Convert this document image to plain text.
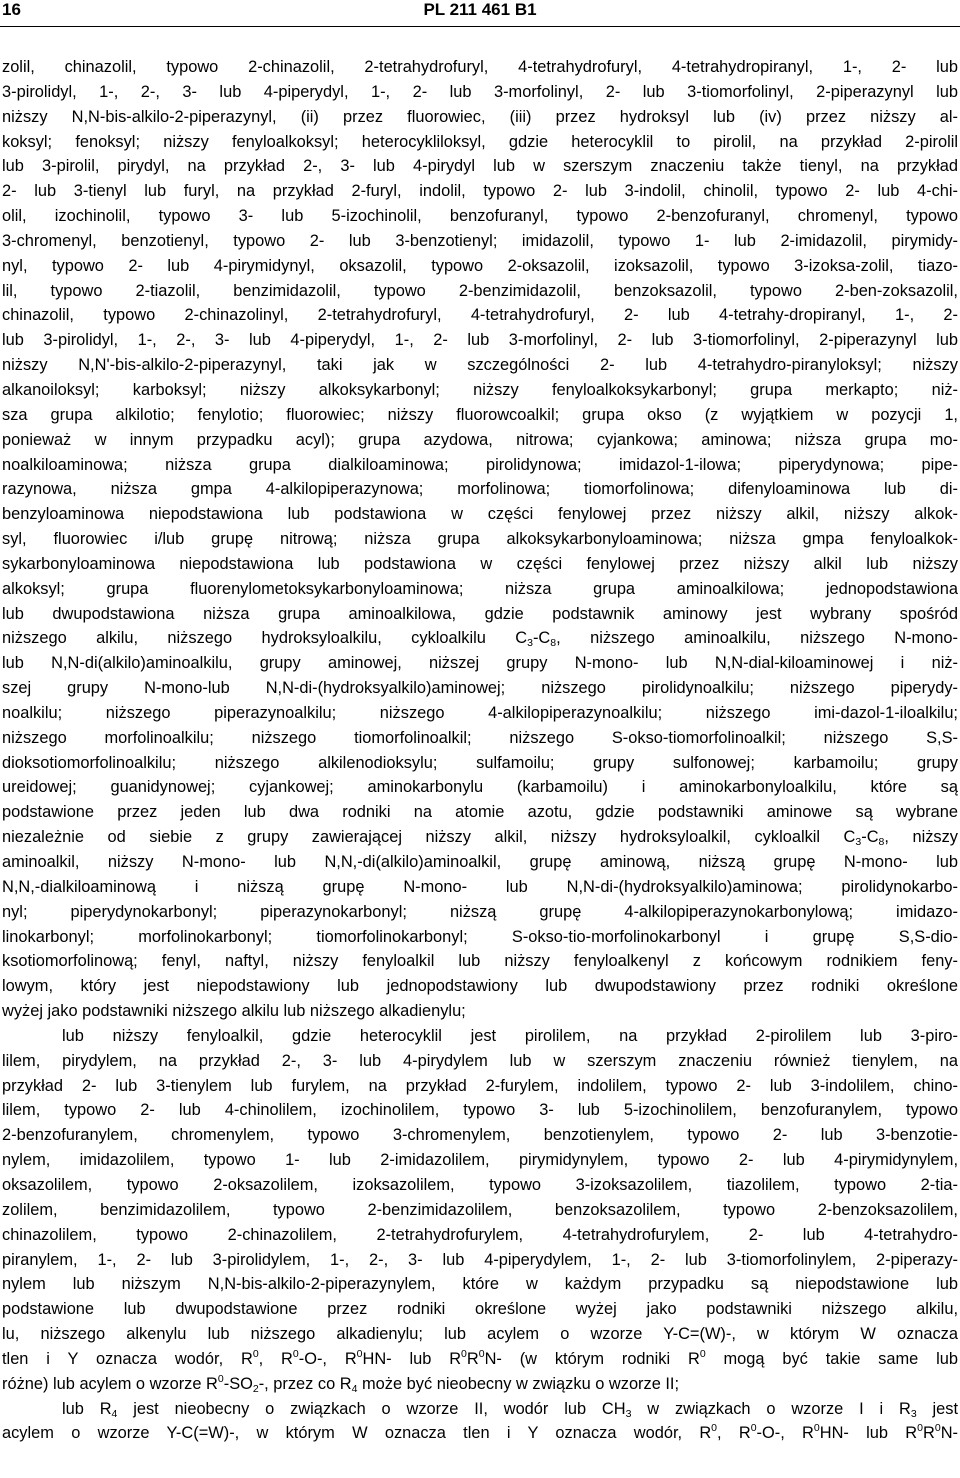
16	PL 211 461 B1
zolil, chinazolil, typowo 2-chinazolil, 2-tetrahydrofuryl, 4-tetrahydrofuryl, 4-tetrahydropiranyl, 1-, 2- lub
3-pirolidyl, 1-, 2-, 3- lub 4-piperydyl, 1-, 2- lub 3-morfolinyl, 2- lub 3-tiomorfolinyl, 2-piperazynyl lub
niższy N,N-bis-alkilo-2-piperazynyl, (ii) przez fluorowiec, (iii) przez hydroksyl lub (iv) przez niższy al-
koksyl; fenoksyl; niższy fenyloalkoksyl; heterocykliloksyl, gdzie heterocyklil to pirolil, na przykład 2-pirolil
lub 3-pirolil, pirydyl, na przykład 2-, 3- lub 4-pirydyl lub w szerszym znaczeniu także tienyl, na przykład
2- lub 3-tienyl lub furyl, na przykład 2-furyl, indolil, typowo 2- lub 3-indolil, chinolil, typowo 2- lub 4-chi-
olil, izochinolil, typowo 3- lub 5-izochinolil, benzofuranyl, typowo 2-benzofuranyl, chromenyl, typowo
3-chromenyl, benzotienyl, typowo 2- lub 3-benzotienyl; imidazolil, typowo 1- lub 2-imidazolil, pirymidy-
nyl, typowo 2- lub 4-pirymidynyl, oksazolil, typowo 2-oksazolil, izoksazolil, typowo 3-izoksa-zolil, tiazo-
lil, typowo 2-tiazolil, benzimidazolil, typowo 2-benzimidazolil, benzoksazolil, typowo 2-ben-zoksazolil,
chinazolil, typowo 2-chinazolinyl, 2-tetrahydrofuryl, 4-tetrahydrofuryl, 2- lub 4-tetrahy-dropiranyl, 1-, 2-
lub 3-pirolidyl, 1-, 2-, 3- lub 4-piperydyl, 1-, 2- lub 3-morfolinyl, 2- lub 3-tiomorfolinyl, 2-piperazynyl lub
niższy N,N'-bis-alkilo-2-piperazynyl, taki jak w szczególności 2- lub 4-tetrahydro-piranyloksyl; niższy
alkanoiloksyl; karboksyl; niższy alkoksykarbonyl; niższy fenyloalkoksykarbonyl; grupa merkapto; niż-
sza grupa alkilotio; fenylotio; fluorowiec; niższy fluorowcoalkil; grupa okso (z wyjątkiem w pozycji 1,
ponieważ w innym przypadku acyl); grupa azydowa, nitrowa; cyjankowa; aminowa; niższa grupa mo-
noalkiloaminowa; niższa grupa dialkiloaminowa; pirolidynowa; imidazol-1-ilowa; piperydynowa; pipe-
razynowa, niższa gmpa 4-alkilopiperazynowa; morfolinowa; tiomorfolinowa; difenyloaminowa lub di-
benzyloaminowa niepodstawiona lub podstawiona w części fenylowej przez niższy alkil, niższy alkok-
syl, fluorowiec i/lub grupę nitrową; niższa grupa alkoksykarbonyloaminowa; niższa gmpa fenyloalkok-
sykarbonyloaminowa niepodstawiona lub podstawiona w części fenylowej przez niższy alkil lub niższy
alkoksyl; grupa fluorenylometoksykarbonyloaminowa; niższa grupa aminoalkilowa; jednopodstawiona
lub dwupodstawiona niższa grupa aminoalkilowa, gdzie podstawnik aminowy jest wybrany spośród
niższego alkilu, niższego hydroksyloalkilu, cykloalkilu $C_3-C_8$, niższego aminoalkilu, niższego N-mono-
lub N,N-di(alkilo)aminoalkilu, grupy aminowej, niższej grupy N-mono- lub N,N-dial-kiloaminowej i niż-
szej grupy N-mono-lub N,N-di-(hydroksyalkilo)aminowej; niższego pirolidynoalkilu; niższego piperydy-
noalkilu; niższego piperazynoalkilu; niższego 4-alkilopiperazynoalkilu; niższego imi-dazol-1-iloalkilu;
niższego morfolinoalkilu; niższego tiomorfolinoalkil; niższego S-okso-tiomorfolinoalkil; niższego S,S-
dioksotiomorfolinoalkilu; niższego alkilenodioksylu; sulfamoilu; grupy sulfonowej; karbamoilu; grupy
ureidowej; guanidynowej; cyjankowej; aminokarbonylu (karbamoilu) i aminokarbonyloalkilu, które są
podstawione przez jeden lub dwa rodniki na atomie azotu, gdzie podstawniki aminowe są wybrane
niezależnie od siebie z grupy zawierającej niższy alkil, niższy hydroksyloalkil, cykloalkil $C_3-C_8$, niższy
aminoalkil, niższy N-mono- lub N,N,-di(alkilo)aminoalkil, grupę aminową, niższą grupę N-mono- lub
N,N,-dialkiloaminową i niższą grupę N-mono- lub N,N-di-(hydroksyalkilo)aminowa; pirolidynokarbo-
nyl; piperydynokarbonyl; piperazynokarbonyl; niższą grupę 4-alkilopiperazynokarbonylową; imidazo-
linokarbonyl; morfolinokarbonyl; tiomorfolinokarbonyl; S-okso-tio-morfolinokarbonyl i grupę S,S-dio-
ksotiomorfolinową; fenyl, naftyl, niższy fenyloalkil lub niższy fenyloalkenyl z końcowym rodnikiem feny-
lowym, który jest niepodstawiony lub jednopodstawiony lub dwupodstawiony przez rodniki określone
wyżej jako podstawniki niższego alkilu lub niższego alkadienylu;
lub niższy fenyloalkil, gdzie heterocyklil jest pirolilem, na przykład 2-pirolilem lub 3-piro-
lilem, pirydylem, na przykład 2-, 3- lub 4-pirydylem lub w szerszym znaczeniu również tienylem, na
przykład 2- lub 3-tienylem lub furylem, na przykład 2-furylem, indolilem, typowo 2- lub 3-indolilem, chino-
lilem, typowo 2- lub 4-chinolilem, izochinolilem, typowo 3- lub 5-izochinolilem, benzofuranylem, typowo
2-benzofuranylem, chromenylem, typowo 3-chromenylem, benzotienylem, typowo 2- lub 3-benzotie-
nylem, imidazolilem, typowo 1- lub 2-imidazolilem, pirymidynylem, typowo 2- lub 4-pirymidynylem,
oksazolilem, typowo 2-oksazolilem, izoksazolilem, typowo 3-izoksazolilem, tiazolilem, typowo 2-tia-
zolilem, benzimidazolilem, typowo 2-benzimidazolilem, benzoksazolilem, typowo 2-benzoksazolilem,
chinazolilem, typowo 2-chinazolilem, 2-tetrahydrofurylem, 4-tetrahydrofurylem, 2- lub 4-tetrahydro-
piranylem, 1-, 2- lub 3-pirolidylem, 1-, 2-, 3- lub 4-piperydylem, 1-, 2- lub 3-tiomorfolinylem, 2-piperazy-
nylem lub niższym N,N-bis-alkilo-2-piperazynylem, które w każdym przypadku są niepodstawione lub
podstawione lub dwupodstawione przez rodniki określone wyżej jako podstawniki niższego alkilu,
lu, niższego alkenylu lub niższego alkadienylu; lub acylem o wzorze Y-C=(W)-, w którym W oznacza
tlen i Y oznacza wodór, $R^0$, $R^0-O-$, $R^0HN-$ lub $R^0R^0N-$ (w którym rodniki $R^0$ mogą być takie same lub
różne) lub acylem o wzorze $R^0-SO_2-$, przez co $R_4$ może być nieobecny w związku o wzorze II;
lub $R_4$ jest nieobecny o związkach o wzorze II, wodór lub $CH_3$ w związkach o wzorze I i $R_3$ jest
acylem o wzorze Y-C(=W)-, w którym W oznacza tlen i Y oznacza wodór, $R^0$, $R^0-O-$, $R^0HN-$ lub $R^0R^0N-$
